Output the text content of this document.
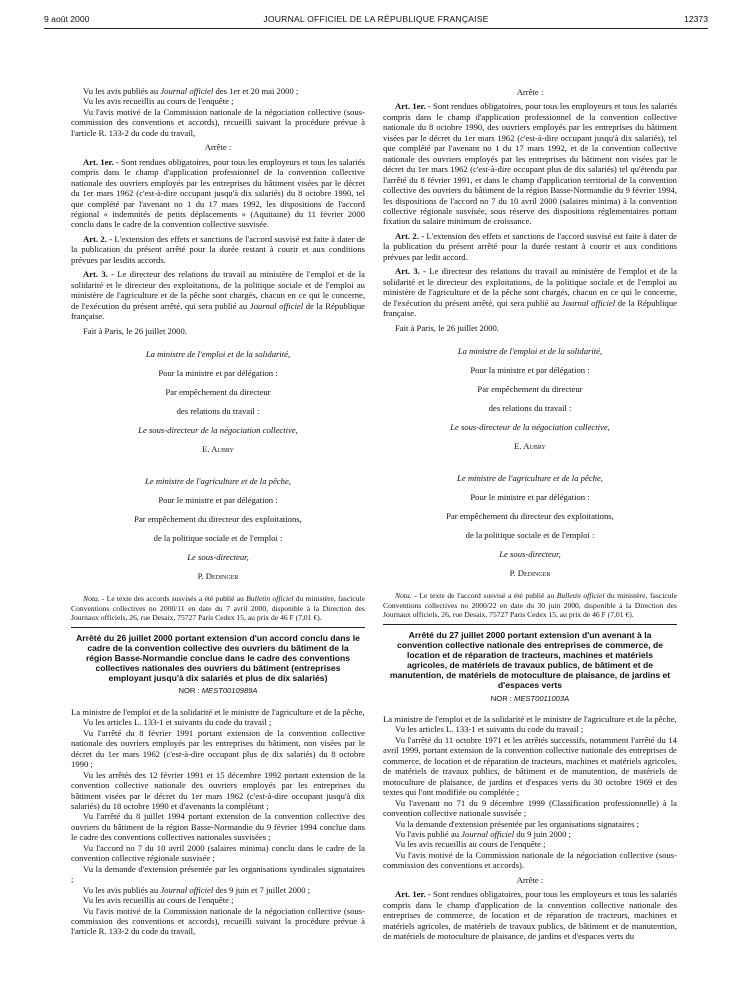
9 août 2000	JOURNAL OFFICIEL DE LA RÉPUBLIQUE FRANÇAISE	12373

Vu les avis publiés au Journal officiel des 1er et 20 mai 2000 ;

Vu les avis recueillis au cours de l'enquête ;

Vu l'avis motivé de la Commission nationale de la négociation collective (sous-commission des conventions et accords), recueilli suivant la procédure prévue à l'article R. 133-2 du code du travail,

Arrête :

Art. 1er. - Sont rendues obligatoires, pour tous les employeurs et tous les salariés compris dans le champ d'application professionnel de la convention collective nationale des ouvriers employés par les entreprises du bâtiment visées par le décret du 1er mars 1962 (c'est-à-dire occupant jusqu'à dix salariés) du 8 octobre 1990, tel que complété par l'avenant no 1 du 17 mars 1992, les dispositions de l'accord régional « indemnités de petits déplacements » (Aquitaine) du 11 février 2000 conclu dans le cadre de la convention collective susvisée.

Art. 2. - L'extension des effets et sanctions de l'accord susvisé est faite à dater de la publication du présent arrêté pour la durée restant à courir et aux conditions prévues par lesdits accords.

Art. 3. - Le directeur des relations du travail au ministère de l'emploi et de la solidarité et le directeur des exploitations, de la politique sociale et de l'emploi au ministère de l'agriculture et de la pêche sont chargés, chacun en ce qui le concerne, de l'exécution du présent arrêté, qui sera publié au Journal officiel de la République française.

Fait à Paris, le 26 juillet 2000.

La ministre de l'emploi et de la solidarité,

Pour la ministre et par délégation :

Par empêchement du directeur

des relations du travail :

Le sous-directeur de la négociation collective,

E. Aubry

Le ministre de l'agriculture et de la pêche,

Pour le ministre et par délégation :

Par empêchement du directeur des exploitations,

de la politique sociale et de l'emploi :

Le sous-directeur,

P. Dedinger

Nota. - Le texte des accords susvisés a été publié au Bulletin officiel du ministère, fascicule Conventions collectives no 2000/11 en date du 7 avril 2000, disponible à la Direction des Journaux officiels, 26, rue Desaix, 75727 Paris Cedex 15, au prix de 46 F (7,01 €).

Arrêté du 26 juillet 2000 portant extension d'un accord conclu dans le cadre de la convention collective des ouvriers du bâtiment de la région Basse-Normandie conclue dans le cadre des conventions collectives nationales des ouvriers du bâtiment (entreprises employant jusqu'à dix salariés et plus de dix salariés)
NOR : MEST0010989A

La ministre de l'emploi et de la solidarité et le ministre de l'agriculture et de la pêche,

Vu les articles L. 133-1 et suivants du code du travail ;

Vu l'arrêté du 8 février 1991 portant extension de la convention collective nationale des ouvriers employés par les entreprises du bâtiment, non visées par le décret du 1er mars 1962 (c'est-à-dire occupant plus de dix salariés) du 8 octobre 1990 ;

Vu les arrêtés des 12 février 1991 et 15 décembre 1992 portant extension de la convention collective nationale des ouvriers employés par les entreprises du bâtiment visées par le décret du 1er mars 1962 (c'est-à-dire occupant jusqu'à dix salariés) du 18 octobre 1990 et d'avenants la complétant ;

Vu l'arrêté du 8 juillet 1994 portant extension de la convention collective des ouvriers du bâtiment de la région Basse-Normandie du 9 février 1994 conclue dans le cadre des conventions collectives nationales susvisées ;

Vu l'accord no 7 du 10 avril 2000 (salaires minima) conclu dans le cadre de la convention collective régionale susvisée ;

Vu la demande d'extension présentée par les organisations syndicales signataires ;

Vu les avis publiés au Journal officiel des 9 juin et 7 juillet 2000 ;

Vu les avis recueillis au cours de l'enquête ;

Vu l'avis motivé de la Commission nationale de la négociation collective (sous-commission des conventions et accords), recueilli suivant la procédure prévue à l'article R. 133-2 du code du travail,

Arrête :

Art. 1er. - Sont rendues obligatoires, pour tous les employeurs et tous les salariés compris dans le champ d'application professionnel de la convention collective nationale du 8 octobre 1990, des ouvriers employés par les entreprises du bâtiment visées par le décret du 1er mars 1962 (c'est-à-dire occupant jusqu'à dix salariés), tel que complété par l'avenant no 1 du 17 mars 1992, et de la convention collective nationale des ouvriers employés par les entreprises du bâtiment non visées par le décret du 1er mars 1962 (c'est-à-dire occupant plus de dix salariés) tel qu'étendu par l'arrêté du 8 février 1991, et dans le champ d'application territorial de la convention collective des ouvriers du bâtiment de la région Basse-Normandie du 9 février 1994, les dispositions de l'accord no 7 du 10 avril 2000 (salaires minima) à la convention collective régionale susvisée, sous réserve des dispositions réglementaires portant fixation du salaire minimum de croissance.

Art. 2. - L'extension des effets et sanctions de l'accord susvisé est faite à dater de la publication du présent arrêté pour la durée restant à courir et aux conditions prévues par ledit accord.

Art. 3. - Le directeur des relations du travail au ministère de l'emploi et de la solidarité et le directeur des exploitations, de la politique sociale et de l'emploi au ministère de l'agriculture et de la pêche sont chargés, chacun en ce qui le concerne, de l'exécution du présent arrêté, qui sera publié au Journal officiel de la République française.

Fait à Paris, le 26 juillet 2000.

La ministre de l'emploi et de la solidarité,

Pour la ministre et par délégation :

Par empêchement du directeur

des relations du travail :

Le sous-directeur de la négociation collective,

E. Aubry

Le ministre de l'agriculture et de la pêche,

Pour le ministre et par délégation :

Par empêchement du directeur des exploitations,

de la politique sociale et de l'emploi :

Le sous-directeur,

P. Dedinger

Nota. - Le texte de l'accord susvisé a été publié au Bulletin officiel du ministère, fascicule Conventions collectives no 2000/22 en date du 30 juin 2000, disponible à la Direction des Journaux officiels, 26, rue Desaix, 75727 Paris Cedex 15, au prix de 46 F (7,01 €).

Arrêté du 27 juillet 2000 portant extension d'un avenant à la convention collective nationale des entreprises de commerce, de location et de réparation de tracteurs, machines et matériels agricoles, de matériels de travaux publics, de bâtiment et de manutention, de matériels de motoculture de plaisance, de jardins et d'espaces verts
NOR : MEST0011003A

La ministre de l'emploi et de la solidarité et le ministre de l'agriculture et de la pêche,

Vu les articles L. 133-1 et suivants du code du travail ;

Vu l'arrêté du 11 octobre 1971 et les arrêtés successifs, notamment l'arrêté du 14 avril 1999, portant extension de la convention collective nationale des entreprises de commerce, de location et de réparation de tracteurs, machines et matériels agricoles, de matériels de travaux publics, de bâtiment et de manutention, de matériels de motoculture de plaisance, de jardins et d'espaces verts du 30 octobre 1969 et des textes qui l'ont modifiée ou complétée ;

Vu l'avenant no 71 du 9 décembre 1999 (Classification professionnelle) à la convention collective nationale susvisée ;

Vu la demande d'extension présentée par les organisations signataires ;

Vu l'avis publié au Journal officiel du 9 juin 2000 ;

Vu les avis recueillis au cours de l'enquête ;

Vu l'avis motivé de la Commission nationale de la négociation collective (sous-commission des conventions et accords).

Arrête :

Art. 1er. - Sont rendues obligatoires, pour tous les employeurs et tous les salariés compris dans le champ d'application de la convention collective nationale des entreprises de commerce, de location et de réparation de tracteurs, machines et matériels agricoles, de matériels de travaux publics, de bâtiment et de manutention, de matériels de motoculture de plaisance, de jardins et d'espaces verts du
